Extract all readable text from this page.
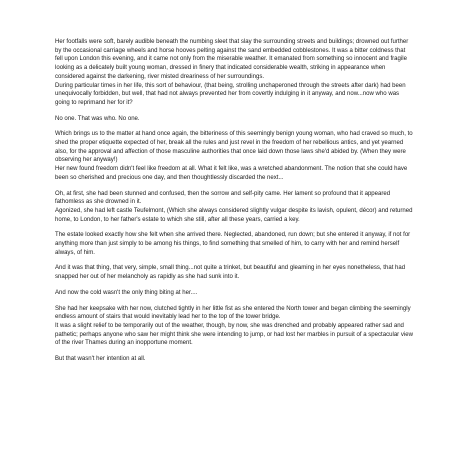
Her footfalls were soft, barely audible beneath the numbing sleet that slay the surrounding streets and buildings; drowned out further by the occasional carriage wheels and horse hooves pelting against the sand embedded cobblestones. It was a bitter coldness that fell upon London this evening, and it came not only from the miserable weather. It emanated from something so innocent and fragile looking as a delicately built young woman, dressed in finery that indicated considerable wealth, striking in appearance when considered against the darkening, river misted dreariness of her surroundings.
During particular times in her life, this sort of behaviour, (that being, strolling unchaperoned through the streets after dark) had been unequivocally forbidden, but well, that had not always prevented her from covertly indulging in it anyway, and now...now who was going to reprimand her for it?
No one. That was who. No one.
Which brings us to the matter at hand once again, the bitteriness of this seemingly benign young woman, who had craved so much, to shed the proper etiquette expected of her, break all the rules and just revel in the freedom of her rebellious antics, and yet yearned also, for the approval and affection of those masculine authorities that once laid down those laws she'd abided by. (When they were observing her anyway!)
Her new found freedom didn't feel like freedom at all. What it felt like, was a wretched abandonment. The notion that she could have been so cherished and precious one day, and then thoughtlessly discarded the next...
Oh, at first, she had been stunned and confused, then the sorrow and self-pity came. Her lament so profound that it appeared fathomless as she drowned in it.
Agonized, she had left castle Teufelmont, (Which she always considered slightly vulgar despite its lavish, opulent, décor) and returned home, to London, to her father's estate to which she still, after all these years, carried a key.
The estate looked exactly how she felt when she arrived there. Neglected, abandoned, run down; but she entered it anyway, if not for anything more than just simply to be among his things, to find something that smelled of him, to carry with her and remind herself always, of him.
And it was that thing, that very, simple, small thing...not quite a trinket, but beautiful and gleaming in her eyes nonetheless, that had snapped her out of her melancholy as rapidly as she had sunk into it.
And now the cold wasn't the only thing biting at her....
She had her keepsake with her now, clutched tightly in her little fist as she entered the North tower and began climbing the seemingly endless amount of stairs that would inevitably lead her to the top of the tower bridge.
It was a slight relief to be temporarily out of the weather, though, by now, she was drenched and probably appeared rather sad and pathetic; perhaps anyone who saw her might think she were intending to jump, or had lost her marbles in pursuit of a spectacular view of the river Thames during an inopportune moment.
But that wasn't her intention at all.
